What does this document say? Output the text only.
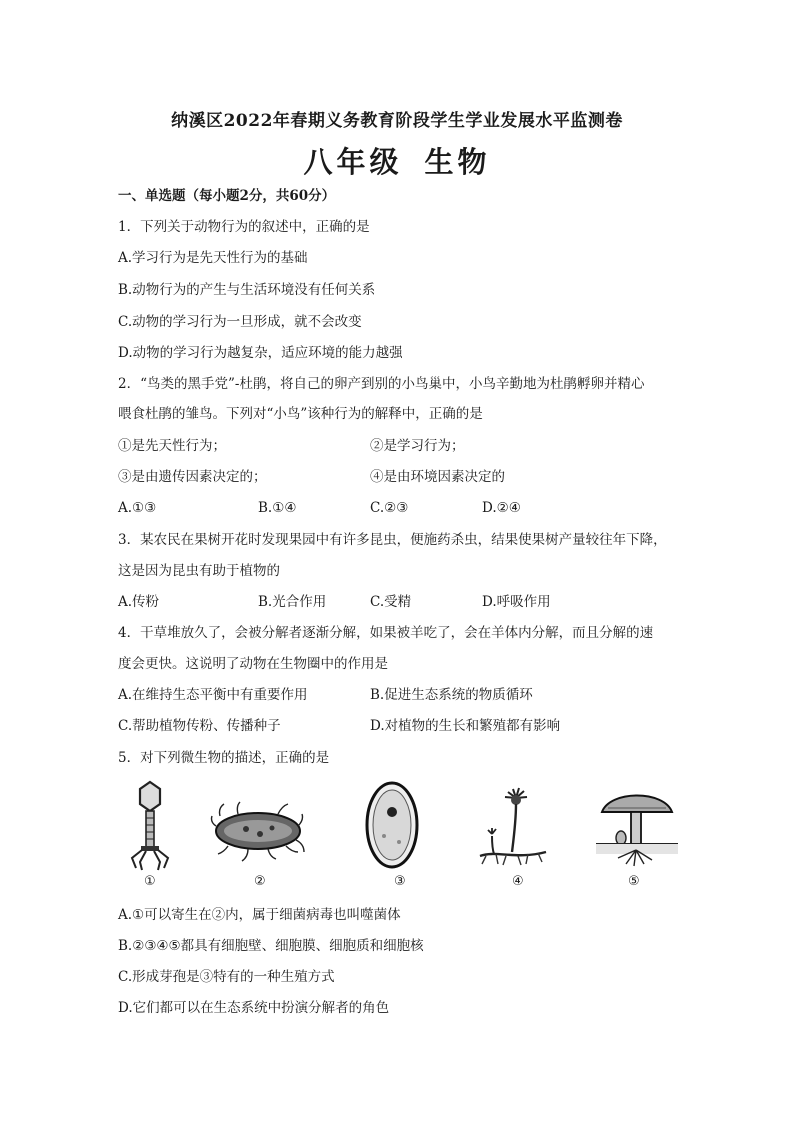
纳溪区2022年春期义务教育阶段学生学业发展水平监测卷
八年级 生物
一、单选题（每小题2分，共60分）
1．下列关于动物行为的叙述中，正确的是
A.学习行为是先天性行为的基础
B.动物行为的产生与生活环境没有任何关系
C.动物的学习行为一旦形成，就不会改变
D.动物的学习行为越复杂，适应环境的能力越强
2．“鸟类的黑手党”-杜鹃，将自己的卵产到别的小鸟巢中，小鸟辛勤地为杜鹃孵卵并精心
喂食杜鹃的雏鸟。下列对“小鸟”该种行为的解释中，正确的是
①是先天性行为；	②是学习行为；
③是由遗传因素决定的；	④是由环境因素决定的
A.①③	B.①④	C.②③	D.②④
3．某农民在果树开花时发现果园中有许多昆虫，便施药杀虫，结果使果树产量较往年下降，
这是因为昆虫有助于植物的
A.传粉	B.光合作用	C.受精	D.呼吸作用
4．干草堆放久了，会被分解者逐渐分解，如果被羊吃了，会在羊体内分解，而且分解的速
度会更快。这说明了动物在生物圈中的作用是
A.在维持生态平衡中有重要作用	B.促进生态系统的物质循环
C.帮助植物传粉、传播种子	D.对植物的生长和繁殖都有影响
5．对下列微生物的描述，正确的是
①	②	③	④	⑤
A.①可以寄生在②内，属于细菌病毒也叫噬菌体
B.②③④⑤都具有细胞壁、细胞膜、细胞质和细胞核
C.形成芽孢是③特有的一种生殖方式
D.它们都可以在生态系统中扮演分解者的角色
